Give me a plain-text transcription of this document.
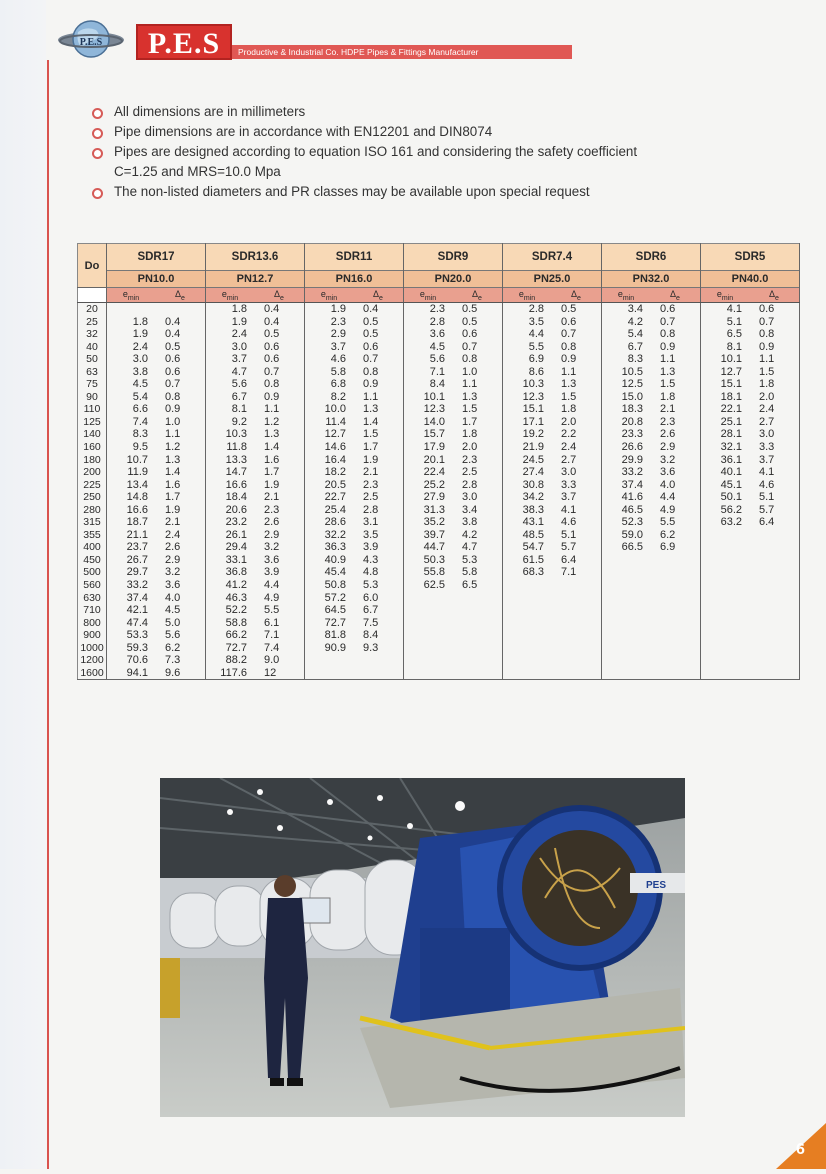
P.E.S	P.E.S	Productive & Industrial Co. HDPE Pipes & Fittings Manufacturer
All dimensions are in millimeters
Pipe dimensions are in accordance with EN12201 and DIN8074
Pipes are designed according to equation ISO 161 and considering the safety coefficient
C=1.25 and MRS=10.0 Mpa
The non-listed diameters and PR classes may be available upon special request
Do	SDR17		SDR13.6		SDR11		SDR9		SDR7.4		SDR6		SDR5	
	PN10.0		PN12.7		PN16.0		PN20.0		PN25.0		PN32.0		PN40.0	
	$e_{min}$	$\Delta_e$	$e_{min}$	$\Delta_e$	$e_{min}$	$\Delta_e$	$e_{min}$	$\Delta_e$	$e_{min}$	$\Delta_e$	$e_{min}$	$\Delta_e$	$e_{min}$	$\Delta_e$
20			1.8	0.4	1.9	0.4	2.3	0.5	2.8	0.5	3.4	0.6	4.1	0.6
25	1.8	0.4	1.9	0.4	2.3	0.5	2.8	0.5	3.5	0.6	4.2	0.7	5.1	0.7
32	1.9	0.4	2.4	0.5	2.9	0.5	3.6	0.6	4.4	0.7	5.4	0.8	6.5	0.8
40	2.4	0.5	3.0	0.6	3.7	0.6	4.5	0.7	5.5	0.8	6.7	0.9	8.1	0.9
50	3.0	0.6	3.7	0.6	4.6	0.7	5.6	0.8	6.9	0.9	8.3	1.1	10.1	1.1
63	3.8	0.6	4.7	0.7	5.8	0.8	7.1	1.0	8.6	1.1	10.5	1.3	12.7	1.5
75	4.5	0.7	5.6	0.8	6.8	0.9	8.4	1.1	10.3	1.3	12.5	1.5	15.1	1.8
90	5.4	0.8	6.7	0.9	8.2	1.1	10.1	1.3	12.3	1.5	15.0	1.8	18.1	2.0
110	6.6	0.9	8.1	1.1	10.0	1.3	12.3	1.5	15.1	1.8	18.3	2.1	22.1	2.4
125	7.4	1.0	9.2	1.2	11.4	1.4	14.0	1.7	17.1	2.0	20.8	2.3	25.1	2.7
140	8.3	1.1	10.3	1.3	12.7	1.5	15.7	1.8	19.2	2.2	23.3	2.6	28.1	3.0
160	9.5	1.2	11.8	1.4	14.6	1.7	17.9	2.0	21.9	2.4	26.6	2.9	32.1	3.3
180	10.7	1.3	13.3	1.6	16.4	1.9	20.1	2.3	24.5	2.7	29.9	3.2	36.1	3.7
200	11.9	1.4	14.7	1.7	18.2	2.1	22.4	2.5	27.4	3.0	33.2	3.6	40.1	4.1
225	13.4	1.6	16.6	1.9	20.5	2.3	25.2	2.8	30.8	3.3	37.4	4.0	45.1	4.6
250	14.8	1.7	18.4	2.1	22.7	2.5	27.9	3.0	34.2	3.7	41.6	4.4	50.1	5.1
280	16.6	1.9	20.6	2.3	25.4	2.8	31.3	3.4	38.3	4.1	46.5	4.9	56.2	5.7
315	18.7	2.1	23.2	2.6	28.6	3.1	35.2	3.8	43.1	4.6	52.3	5.5	63.2	6.4
355	21.1	2.4	26.1	2.9	32.2	3.5	39.7	4.2	48.5	5.1	59.0	6.2		
400	23.7	2.6	29.4	3.2	36.3	3.9	44.7	4.7	54.7	5.7	66.5	6.9		
450	26.7	2.9	33.1	3.6	40.9	4.3	50.3	5.3	61.5	6.4				
500	29.7	3.2	36.8	3.9	45.4	4.8	55.8	5.8	68.3	7.1				
560	33.2	3.6	41.2	4.4	50.8	5.3	62.5	6.5						
630	37.4	4.0	46.3	4.9	57.2	6.0								
710	42.1	4.5	52.2	5.5	64.5	6.7								
800	47.4	5.0	58.8	6.1	72.7	7.5								
900	53.3	5.6	66.2	7.1	81.8	8.4								
1000	59.3	6.2	72.7	7.4	90.9	9.3								
1200	70.6	7.3	88.2	9.0										
1600	94.1	9.6	117.6	12										
PES
6
